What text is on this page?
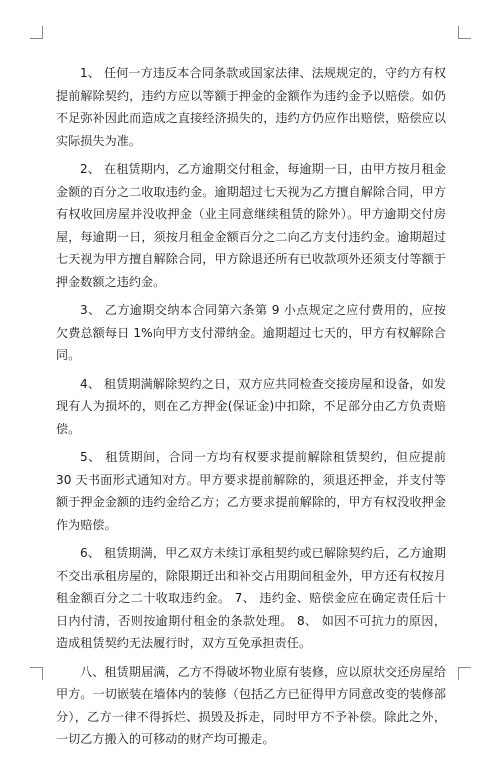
1、 任何一方违反本合同条款或国家法律、法规规定的，守约方有权提前解除契约，违约方应以等额于押金的金额作为违约金予以赔偿。如仍不足弥补因此而造成之直接经济损失的，违约方仍应作出赔偿，赔偿应以实际损失为准。

2、 在租赁期内，乙方逾期交付租金，每逾期一日，由甲方按月租金金额的百分之二收取违约金。逾期超过七天视为乙方擅自解除合同，甲方有权收回房屋并没收押金（业主同意继续租赁的除外）。甲方逾期交付房屋，每逾期一日，须按月租金金额百分之二向乙方支付违约金。逾期超过七天视为甲方擅自解除合同，甲方除退还所有已收款项外还须支付等额于押金数额之违约金。

3、 乙方逾期交纳本合同第六条第 9 小点规定之应付费用的，应按欠费总额每日 1%向甲方支付滞纳金。逾期超过七天的，甲方有权解除合同。

4、 租赁期满解除契约之日，双方应共同检查交接房屋和设备，如发现有人为损坏的，则在乙方押金(保证金)中扣除，不足部分由乙方负责赔偿。

5、 租赁期间，合同一方均有权要求提前解除租赁契约，但应提前 30 天书面形式通知对方。甲方要求提前解除的，须退还押金，并支付等额于押金金额的违约金给乙方；乙方要求提前解除的，甲方有权没收押金作为赔偿。

6、 租赁期满，甲乙双方未续订承租契约或已解除契约后，乙方逾期不交出承租房屋的，除限期迁出和补交占用期间租金外，甲方还有权按月租金额百分之二十收取违约金。 7、 违约金、赔偿金应在确定责任后十日内付清，否则按逾期付租金的条款处理。 8、 如因不可抗力的原因，造成租赁契约无法履行时，双方互免承担责任。

八、租赁期届满，乙方不得破坏物业原有装修，应以原状交还房屋给甲方。一切嵌装在墙体内的装修（包括乙方已征得甲方同意改变的装修部分），乙方一律不得拆烂、损毁及拆走，同时甲方不予补偿。除此之外，一切乙方搬入的可移动的财产均可搬走。
